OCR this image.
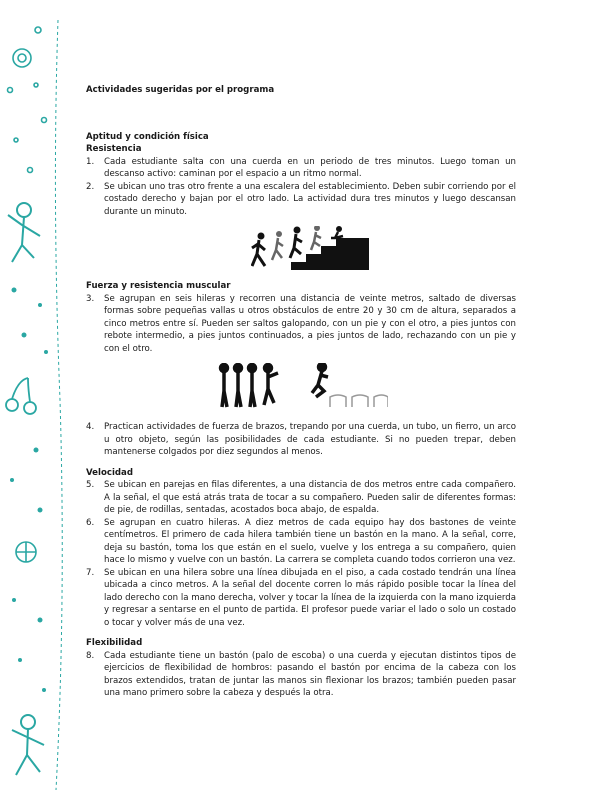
Actividades sugeridas por el programa

Aptitud y condición física

Resistencia

1. Cada estudiante salta con una cuerda en un periodo de tres minutos. Luego toman un descanso activo: caminan por el espacio a un ritmo normal.
2. Se ubican uno tras otro frente a una escalera del establecimiento. Deben subir corriendo por el costado derecho y bajan por el otro lado. La actividad dura tres minutos y luego descansan durante un minuto.

Fuerza y resistencia muscular

3. Se agrupan en seis hileras y recorren una distancia de veinte metros, saltado de diversas formas sobre pequeñas vallas u otros obstáculos de entre 20 y 30 cm de altura, separados a cinco metros entre sí. Pueden ser saltos galopando, con un pie y con el otro, a pies juntos con rebote intermedio, a pies juntos continuados, a pies juntos de lado, rechazando con un pie y con el otro.
4. Practican actividades de fuerza de brazos, trepando por una cuerda, un tubo, un fierro, un arco u otro objeto, según las posibilidades de cada estudiante. Si no pueden trepar, deben mantenerse colgados por diez segundos al menos.

Velocidad

5. Se ubican en parejas en filas diferentes, a una distancia de dos metros entre cada compañero. A la señal, el que está atrás trata de tocar a su compañero. Pueden salir de diferentes formas: de pie, de rodillas, sentadas, acostados boca abajo, de espalda.
6. Se agrupan en cuatro hileras. A diez metros de cada equipo hay dos bastones de veinte centímetros. El primero de cada hilera también tiene un bastón en la mano. A la señal, corre, deja su bastón, toma los que están en el suelo, vuelve y los entrega a su compañero, quien hace lo mismo y vuelve con un bastón. La carrera se completa cuando todos corrieron una vez.
7. Se ubican en una hilera sobre una línea dibujada en el piso, a cada costado tendrán una línea ubicada a cinco metros. A la señal del docente corren lo más rápido posible tocar la línea del lado derecho con la mano derecha, volver y tocar la línea de la izquierda con la mano izquierda y regresar a sentarse en el punto de partida. El profesor puede variar el lado o solo un costado o tocar y volver más de una vez.

Flexibilidad

8. Cada estudiante tiene un bastón (palo de escoba) o una cuerda y ejecutan distintos tipos de ejercicios de flexibilidad de hombros: pasando el bastón por encima de la cabeza con los brazos extendidos, tratan de juntar las manos sin flexionar los brazos; también pueden pasar una mano primero sobre la cabeza y después la otra.
